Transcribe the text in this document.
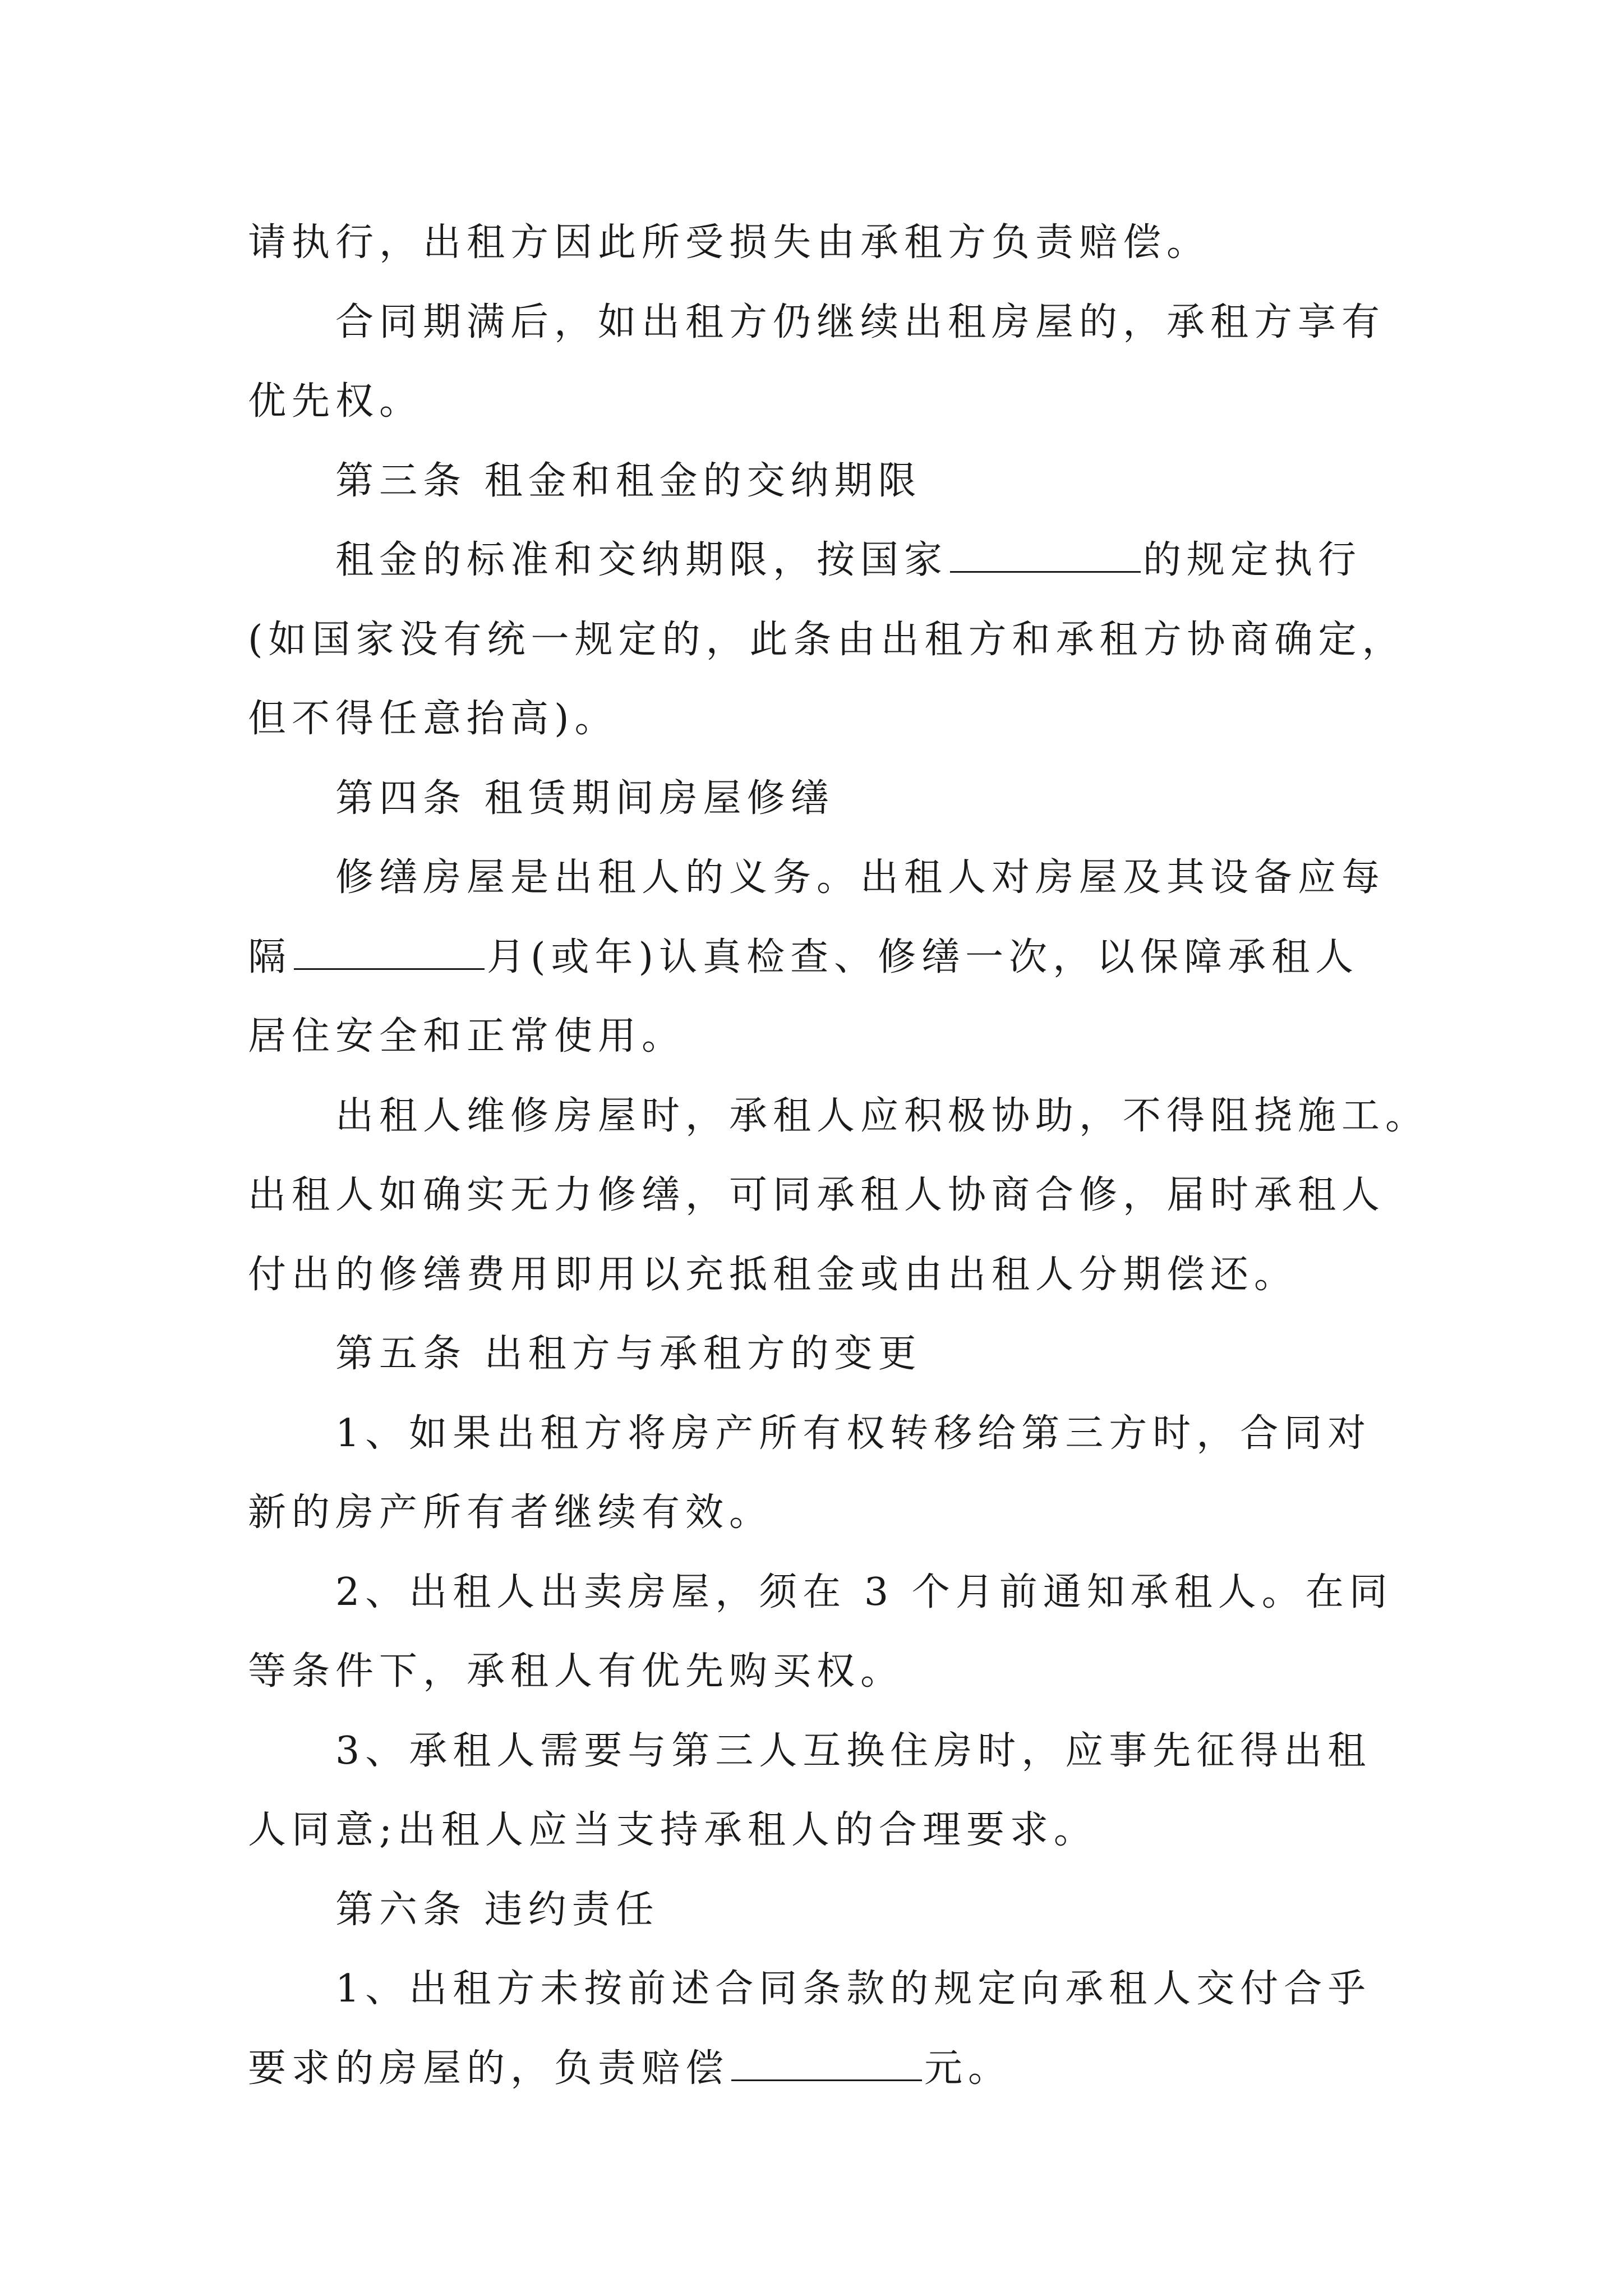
请执行，出租方因此所受损失由承租方负责赔偿。
合同期满后，如出租方仍继续出租房屋的，承租方享有
优先权。
第三条 租金和租金的交纳期限
租金的标准和交纳期限，按国家	的规定执行
(如国家没有统一规定的，此条由出租方和承租方协商确定，
但不得任意抬高)。
第四条 租赁期间房屋修缮
修缮房屋是出租人的义务。出租人对房屋及其设备应每
隔	月(或年)认真检查、修缮一次，以保障承租人
居住安全和正常使用。
出租人维修房屋时，承租人应积极协助，不得阻挠施工。
出租人如确实无力修缮，可同承租人协商合修，届时承租人
付出的修缮费用即用以充抵租金或由出租人分期偿还。
第五条 出租方与承租方的变更
1、如果出租方将房产所有权转移给第三方时，合同对
新的房产所有者继续有效。
2、出租人出卖房屋，须在 3 个月前通知承租人。在同
等条件下，承租人有优先购买权。
3、承租人需要与第三人互换住房时，应事先征得出租
人同意;出租人应当支持承租人的合理要求。
第六条 违约责任
1、出租方未按前述合同条款的规定向承租人交付合乎
要求的房屋的，负责赔偿	元。
